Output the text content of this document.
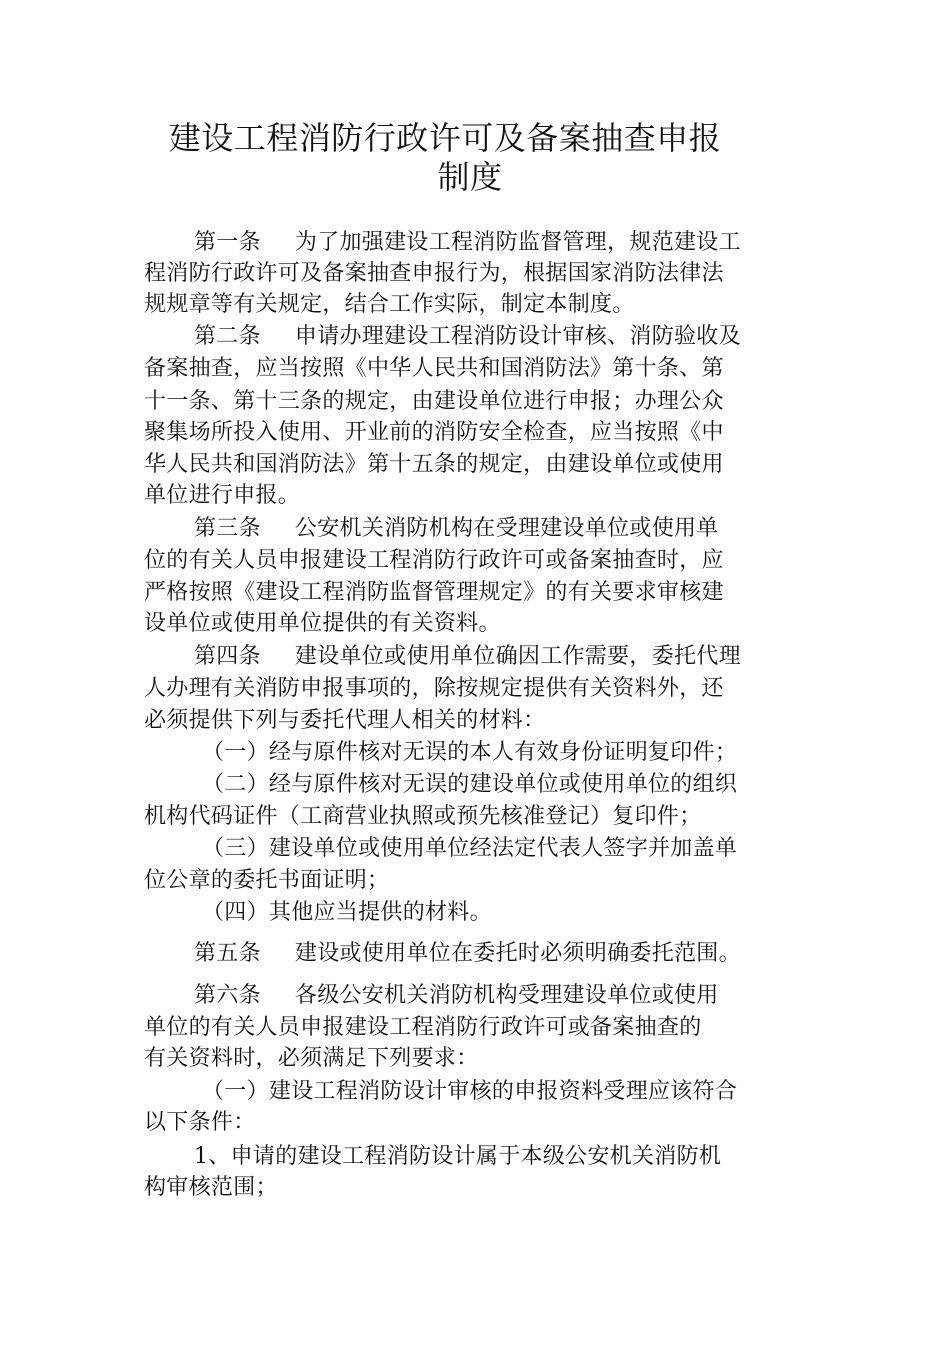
建设工程消防行政许可及备案抽查申报
制度

第一条 为了加强建设工程消防监督管理，规范建设工

程消防行政许可及备案抽查申报行为，根据国家消防法律法

规规章等有关规定，结合工作实际，制定本制度。

第二条 申请办理建设工程消防设计审核、消防验收及

备案抽查，应当按照《中华人民共和国消防法》第十条、第

十一条、第十三条的规定，由建设单位进行申报；办理公众

聚集场所投入使用、开业前的消防安全检查，应当按照《中

华人民共和国消防法》第十五条的规定，由建设单位或使用

单位进行申报。

第三条 公安机关消防机构在受理建设单位或使用单

位的有关人员申报建设工程消防行政许可或备案抽查时，应

严格按照《建设工程消防监督管理规定》的有关要求审核建

设单位或使用单位提供的有关资料。

第四条 建设单位或使用单位确因工作需要，委托代理

人办理有关消防申报事项的，除按规定提供有关资料外，还

必须提供下列与委托代理人相关的材料：

（一）经与原件核对无误的本人有效身份证明复印件；

（二）经与原件核对无误的建设单位或使用单位的组织

机构代码证件（工商营业执照或预先核准登记）复印件；

（三）建设单位或使用单位经法定代表人签字并加盖单

位公章的委托书面证明；

（四）其他应当提供的材料。

第五条 建设或使用单位在委托时必须明确委托范围。

第六条 各级公安机关消防机构受理建设单位或使用

单位的有关人员申报建设工程消防行政许可或备案抽查的

有关资料时，必须满足下列要求：

（一）建设工程消防设计审核的申报资料受理应该符合

以下条件：

1、申请的建设工程消防设计属于本级公安机关消防机

构审核范围；
